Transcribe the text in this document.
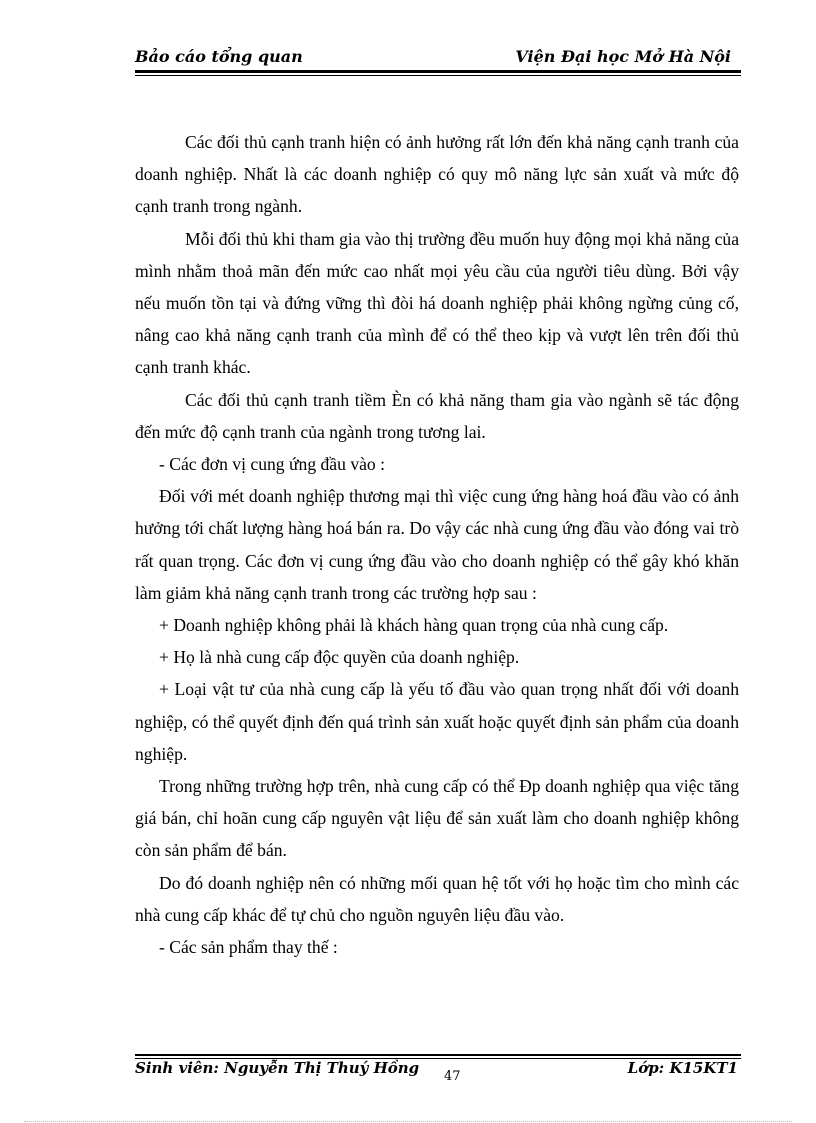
Bảo cáo tổng quan	Viện Đại học Mở Hà Nội

Các đối thủ cạnh tranh hiện có ảnh hưởng rất lớn đến khả năng cạnh tranh của doanh nghiệp. Nhất là các doanh nghiệp có quy mô năng lực sản xuất và mức độ cạnh tranh trong ngành.

Mỗi đối thủ khi tham gia vào thị trường đều muốn huy động mọi khả năng của mình nhằm thoả mãn đến mức cao nhất mọi yêu cầu của người tiêu dùng. Bởi vậy nếu muốn tồn tại và đứng vững thì đòi há doanh nghiệp phải không ngừng củng cố, nâng cao khả năng cạnh tranh của mình để có thể theo kịp và vượt lên trên đối thủ cạnh tranh khác.

Các đối thủ cạnh tranh tiềm Èn có khả năng tham gia vào ngành sẽ tác động đến mức độ cạnh tranh của ngành trong tương lai.

- Các đơn vị cung ứng đầu vào :

Đối với mét doanh nghiệp thương mại thì việc cung ứng hàng hoá đầu vào có ảnh hưởng tới chất lượng hàng hoá bán ra. Do vậy các nhà cung ứng đầu vào đóng vai trò rất quan trọng. Các đơn vị cung ứng đầu vào cho doanh nghiệp có thể gây khó khăn làm giảm khả năng cạnh tranh trong các trường hợp sau :

+ Doanh nghiệp không phải là khách hàng quan trọng của nhà cung cấp.

+ Họ là nhà cung cấp độc quyền của doanh nghiệp.

+ Loại vật tư của nhà cung cấp là yếu tố đầu vào quan trọng nhất đối với doanh nghiệp, có thể quyết định đến quá trình sản xuất hoặc quyết định sản phẩm của doanh nghiệp.

Trong những trường hợp trên, nhà cung cấp có thể Ðp doanh nghiệp qua việc tăng giá bán, chỉ hoãn cung cấp nguyên vật liệu để sản xuất làm cho doanh nghiệp không còn sản phẩm để bán.

Do đó doanh nghiệp nên có những mối quan hệ tốt với họ hoặc tìm cho mình các nhà cung cấp khác để tự chủ cho nguồn nguyên liệu đầu vào.

- Các sản phẩm thay thế :

Sinh viên: Nguyễn Thị Thuý Hồng	Lớp: K15KT1
47
